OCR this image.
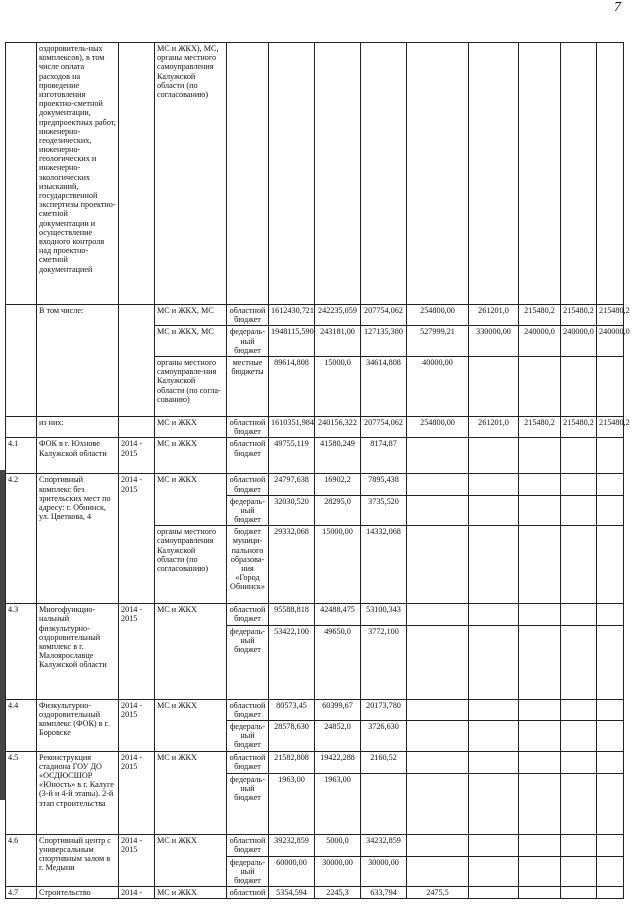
7
	оздоровитель-ных комплексов), в том числе оплата расходов на проведение изготовления проектно-сметной документации, предпроектных работ, инженерно-геодезических, инженерно-геологических и инженерно-экологических изысканий, государственной экспертизы проектно-сметной документации и осуществление входного контроля над проектно-сметной документацией		МС и ЖКХ), МС, органы местного самоуправления Калужской области (по согласованию)									
	В том числе:		МС и ЖКХ, МС	областной бюджет	1612430,721	242235,059	207754,062	254800,00	261201,0	215480,2	215480,2	215480,2
			МС и ЖКХ, МС	федераль-ный бюджет	1948115,590	243181,00	127135,380	527999,21	330000,00	240000,0	240000,0	240000,0
			органы местного самоуправле-ния Калужской области (по согла-сованию)	местные бюджеты	89614,808	15000,0	34614,808	40000,00				
	из них:		МС и ЖКХ	областной бюджет	1610351,984	240156,322	207754,062	254800,00	261201,0	215480,2	215480,2	215480,2
4.1	ФОК в г. Юхнове Калужской области	2014 - 2015	МС и ЖКХ	областной бюджет	49755,119	41580,249	8174,87					
4.2	Спортивный комплекс без зрительских мест по адресу: г. Обнинск, ул. Цветкова, 4	2014 - 2015	МС и ЖКХ	областной бюджет	24797,638	16902,2	7895,438					
				федераль-ный бюджет	32030,520	28295,0	3735,520					
			органы местного самоуправления Калужской области (по согласованию)	бюджет муници-пального образова-ния «Город Обнинск»	29332,068	15000,00	14332,068					
4.3	Многофункцио-нальный физкультурно-оздоровительный комплекс в г. Малоярославце Калужской области	2014 - 2015	МС и ЖКХ	областной бюджет	95588,818	42488,475	53100,343					
				федераль-ный бюджет	53422,100	49650,0	3772,100					
4.4	Физкультурно-оздоровительный комплекс (ФОК) в г. Боровске	2014 - 2015	МС и ЖКХ	областной бюджет	80573,45	60399,67	20173,780					
				федераль-ный бюджет	28578,630	24852,0	3726,630					
4.5	Реконструкция стадиона ГОУ ДО «ОСДЮСШОР «Юность» в г. Калуге (3-й и 4-й этапы). 2-й этап строительства	2014 - 2015	МС и ЖКХ	областной бюджет	21582,808	19422,288	2160,52					
				федераль-ный бюджет	1963,00	1963,00						
4.6	Спортивный центр с универсальным спортивным залом в г. Медыни	2014 - 2015	МС и ЖКХ	областной бюджет	39232,859	5000,0	34232,859					
				федераль-ный бюджет	60000,00	30000,00	30000,00					
4.7	Строительство	2014 -	МС и ЖКХ	областной	5354,594	2245,3	633,794	2475,5				
